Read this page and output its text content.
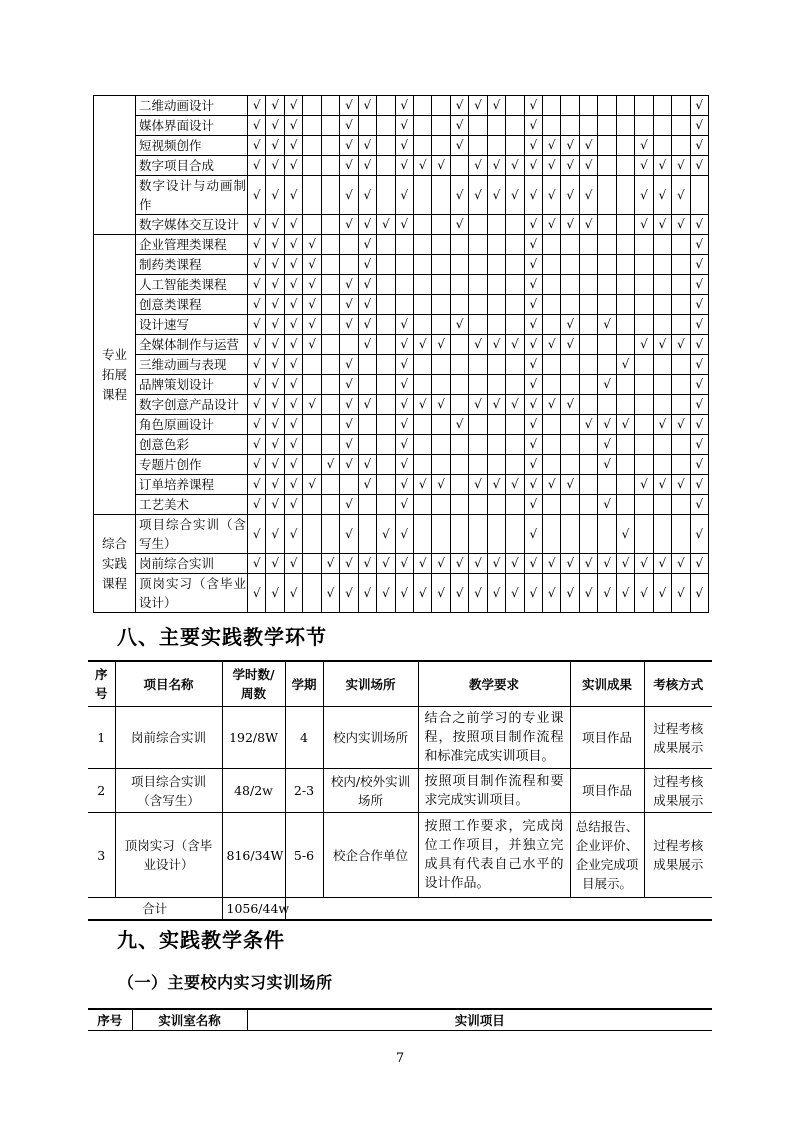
	二维动画设计	√	√	√			√	√		√			√	√	√		√									√
	媒体界面设计	√	√	√			√			√			√				√									√
	短视频创作	√	√	√			√	√		√			√				√	√	√	√			√			√
	数字项目合成	√	√	√			√	√		√	√	√		√	√	√	√	√	√	√			√	√	√	√
	数字设计与动画制作	√	√	√			√	√		√			√	√	√	√	√	√	√	√			√	√	√	
	数字媒体交互设计	√	√	√			√	√	√	√			√				√	√	√	√			√	√	√	√
专业拓展课程	企业管理类课程	√	√	√	√			√									√									√
	制药类课程	√	√	√	√			√									√									√
	人工智能类课程	√	√	√	√		√	√									√									√
	创意类课程	√	√	√	√		√	√									√									√
	设计速写	√	√	√	√		√	√		√			√				√		√		√					√
	全媒体制作与运营	√	√	√	√			√		√	√	√		√	√	√	√	√	√				√	√	√	√
	三维动画与表现	√	√	√			√			√							√					√				√
	品牌策划设计	√	√	√			√			√							√				√					√
	数字创意产品设计	√	√	√	√		√	√		√	√	√		√	√	√	√	√	√							√
	角色原画设计	√	√	√			√			√			√				√			√	√	√		√	√	√
	创意色彩	√	√	√			√			√							√				√					√
	专题片创作	√	√	√		√	√	√		√							√				√					√
	订单培养课程	√	√	√	√			√		√	√	√		√	√	√	√	√	√				√	√	√	√
	工艺美术	√	√	√			√			√							√				√					√
综合实践课程	项目综合实训（含写生）	√	√	√			√		√	√							√					√				√
	岗前综合实训	√	√	√		√	√	√	√	√	√	√	√	√	√	√	√	√	√	√	√	√	√	√	√	√
	顶岗实习（含毕业设计）	√	√	√		√	√	√	√	√	√	√	√	√	√	√	√	√	√	√	√	√	√	√	√	√
八、主要实践教学环节
序号	项目名称	学时数/周数	学期	实训场所	教学要求	实训成果	考核方式
1	岗前综合实训	192/8W	4	校内实训场所	结合之前学习的专业课程，按照项目制作流程和标准完成实训项目。	项目作品	过程考核成果展示
2	项目综合实训（含写生）	48/2w	2-3	校内/校外实训场所	按照项目制作流程和要求完成实训项目。	项目作品	过程考核成果展示
3	顶岗实习（含毕业设计）	816/34W	5-6	校企合作单位	按照工作要求，完成岗位工作项目，并独立完成具有代表自己水平的设计作品。	总结报告、企业评价、企业完成项目展示。	过程考核成果展示
合计		1056/44w					
九、实践教学条件
（一）主要校内实习实训场所
序号	实训室名称	实训项目
7
